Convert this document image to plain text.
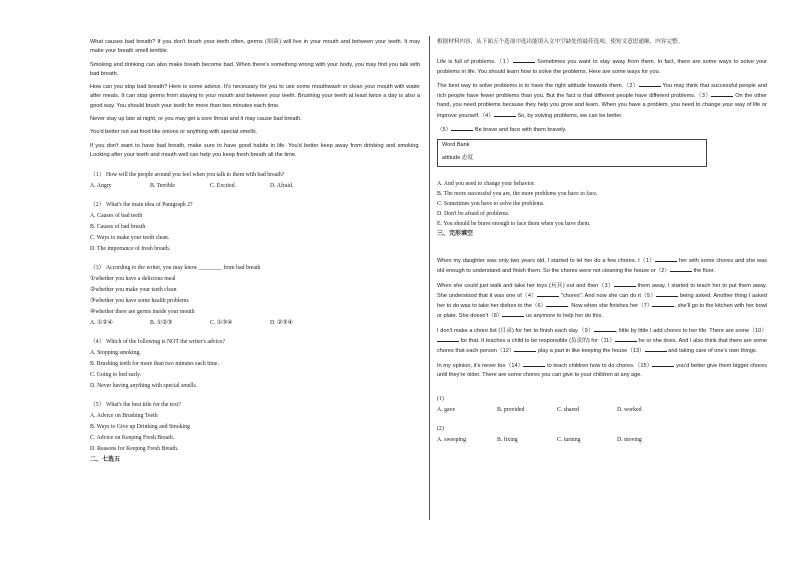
What causes bad breath? If you don't brush your teeth often, germs (细菌) will live in your mouth and between your teeth. It may make your breath smell terrible.

Smoking and drinking can also make breath become bad. When there's something wrong with your body, you may find you talk with bad breath.

How can you stop bad breath? Here is some advice. It's necessary for you to use some mouthwash or clean your mouth with water after meals. It can stop germs from staying in your mouth and between your teeth. Brushing your teeth at least twice a day is also a good way. You should brush your teeth for more than two minutes each time.

Never stay up late at night, or you may get a sore throat and it may cause bad breath.

You'd better not eat food like onions or anything with special smells.

If you don't want to have bad breath, make sure to have good habits in life. You'd better keep away from drinking and smoking. Looking after your teeth and mouth well can help you keep fresh breath all the time.

（1） How will the people around you feel when you talk to them with bad breath?

A. Angry	B. Terrible	C. Excited.	D. Afraid.

（2） What's the main idea of Paragraph 2?

A. Causes of bad teeth

B. Causes of bad breath

C. Ways to make your teeth clean.

D. The importance of fresh breath.

（3） According to the writer, you may know ________ from bad breath

①whether you have a delicious meal

②whether you make your teeth clean

③whether you have some health problems

④whether there are germs inside your mouth

A. ①②④	B. ①②③	C. ①③④	D. ②③④

（4） Which of the following is NOT the writer's advice?

A. Stopping smoking.

B. Brushing teeth for more than two minutes each time.

C. Going to bed early.

D. Never having anything with special smells.

（5） What's the best title for the text?

A. Advice on Brushing Teeth

B. Ways to Give up Drinking and Smoking

C. Advice on Keeping Fresh Breath.

D. Reasons for Keeping Fresh Breath.

二、七选五

根据材料内容，从下面五个选项中选出能填入文中空缺处的最佳选项，使短文意思通顺、内容完整。

Life is full of problems.（1）	Sometimes you want to stay away from them. In fact, there are some ways to solve your problems in life. You should learn how to solve the problems. Here are some ways for you.

The best way to solve problems is to have the right attitude towards them.（2）	You may think that successful people and rich people have fewer problems than you. But the fact is that different people have different problems.（3）	On the other hand, you need problems because they help you grow and learn. When you have a problem, you need to change your way of life or improve yourself.（4）	So, by solving problems, we can be better.

（5）	Be brave and face with them bravely.

Word Bank

attitude 态度

A. And you need to change your behavior.

B. The more successful you are, the more problems you have to face.

C. Sometimes you have to solve the problems.

D. Don't be afraid of problems.

E. You should be brave enough to face them when you have them.

三、完形填空

When my daughter was only two years old, I started to let her do a few chores. I（1）	her with some chores and she was old enough to understand and finish them. So the chores were not cleaning the house or（2）	the floor.

When she could just walk and take her toys (玩具) out and then（3）	them away. I started to teach her to put them away. She understood that it was one of（4）	"chores". And now she can do it（5）	being asked. Another thing I asked her to do was to take her dishes to the（6）	. Now when she finishes her（7）	, she'll go to the kitchen with her bowl or plate. She doesn't（8）	us anymore to help her do this.

I don't make a chore list (目录) for her to finish each day.（9）	, little by little I add chores to her life. There are some（10） for that. It teaches a child to be responsible (负责的) for（11）	he or she does. And I also think that there are some chores that each person（12）	play a part in like keeping the house（13）	and taking care of one's own things.

In my opinion, it's never too（14）	to teach children how to do chores.（15）	you'd better give them bigger chores until they're older. There are some chores you can give to your children at any age.

(1)

A. gave	B. provided	C. shared	D. worked

(2)

A. sweeping	B. fixing	C. turning	D. moving
